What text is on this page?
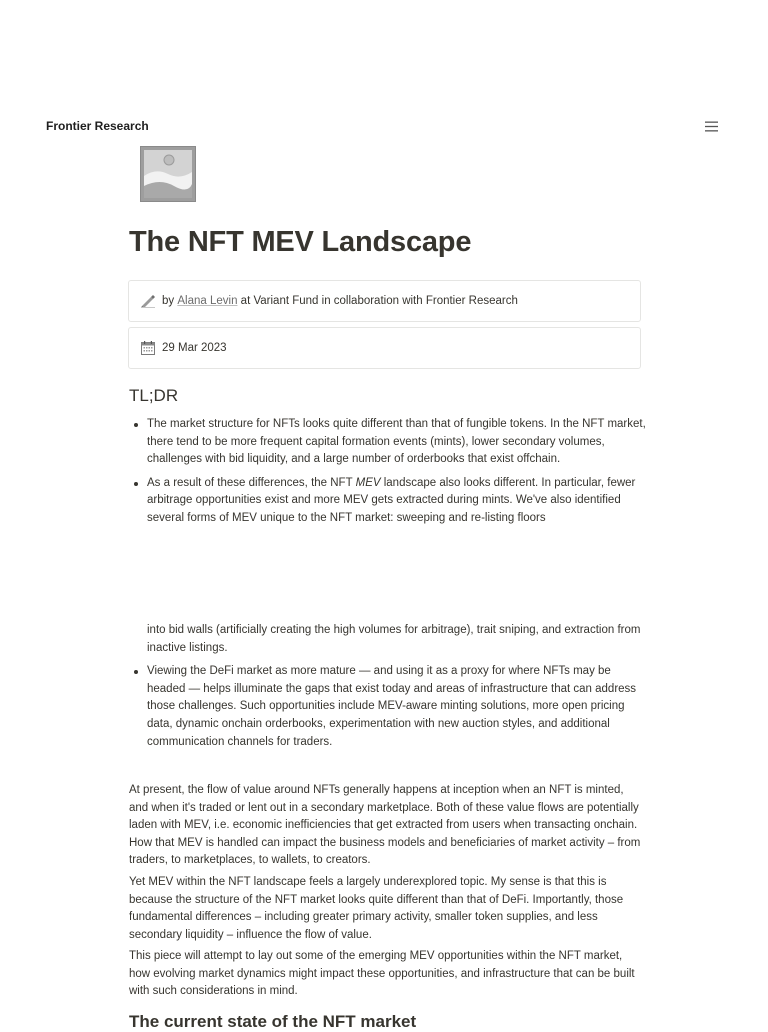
Frontier Research
The NFT MEV Landscape
by
Alana Levin
at Variant Fund in collaboration with Frontier Research
29 Mar 2023
TL;DR
The market structure for NFTs looks quite different than that of fungible tokens. In the NFT market, there tend to be more frequent capital formation events (mints), lower secondary volumes, challenges with bid liquidity, and a large number of orderbooks that exist offchain.
As a result of these differences, the NFT MEV landscape also looks different. In particular, fewer arbitrage opportunities exist and more MEV gets extracted during mints. We've also identified several forms of MEV unique to the NFT market: sweeping and re-listing floors
into bid walls (artificially creating the high volumes for arbitrage), trait sniping, and extraction from inactive listings.
Viewing the DeFi market as more mature — and using it as a proxy for where NFTs may be headed — helps illuminate the gaps that exist today and areas of infrastructure that can address those challenges. Such opportunities include MEV-aware minting solutions, more open pricing data, dynamic onchain orderbooks, experimentation with new auction styles, and additional communication channels for traders.

At present, the flow of value around NFTs generally happens at inception when an NFT is minted, and when it's traded or lent out in a secondary marketplace. Both of these value flows are potentially laden with MEV, i.e. economic inefficiencies that get extracted from users when transacting onchain. How that MEV is handled can impact the business models and beneficiaries of market activity – from traders, to marketplaces, to wallets, to creators.

Yet MEV within the NFT landscape feels a largely underexplored topic. My sense is that this is because the structure of the NFT market looks quite different than that of DeFi. Importantly, those fundamental differences – including greater primary activity, smaller token supplies, and less secondary liquidity – influence the flow of value.

This piece will attempt to lay out some of the emerging MEV opportunities within the NFT market, how evolving market dynamics might impact these opportunities, and infrastructure that can be built with such considerations in mind.

The current state of the NFT market
